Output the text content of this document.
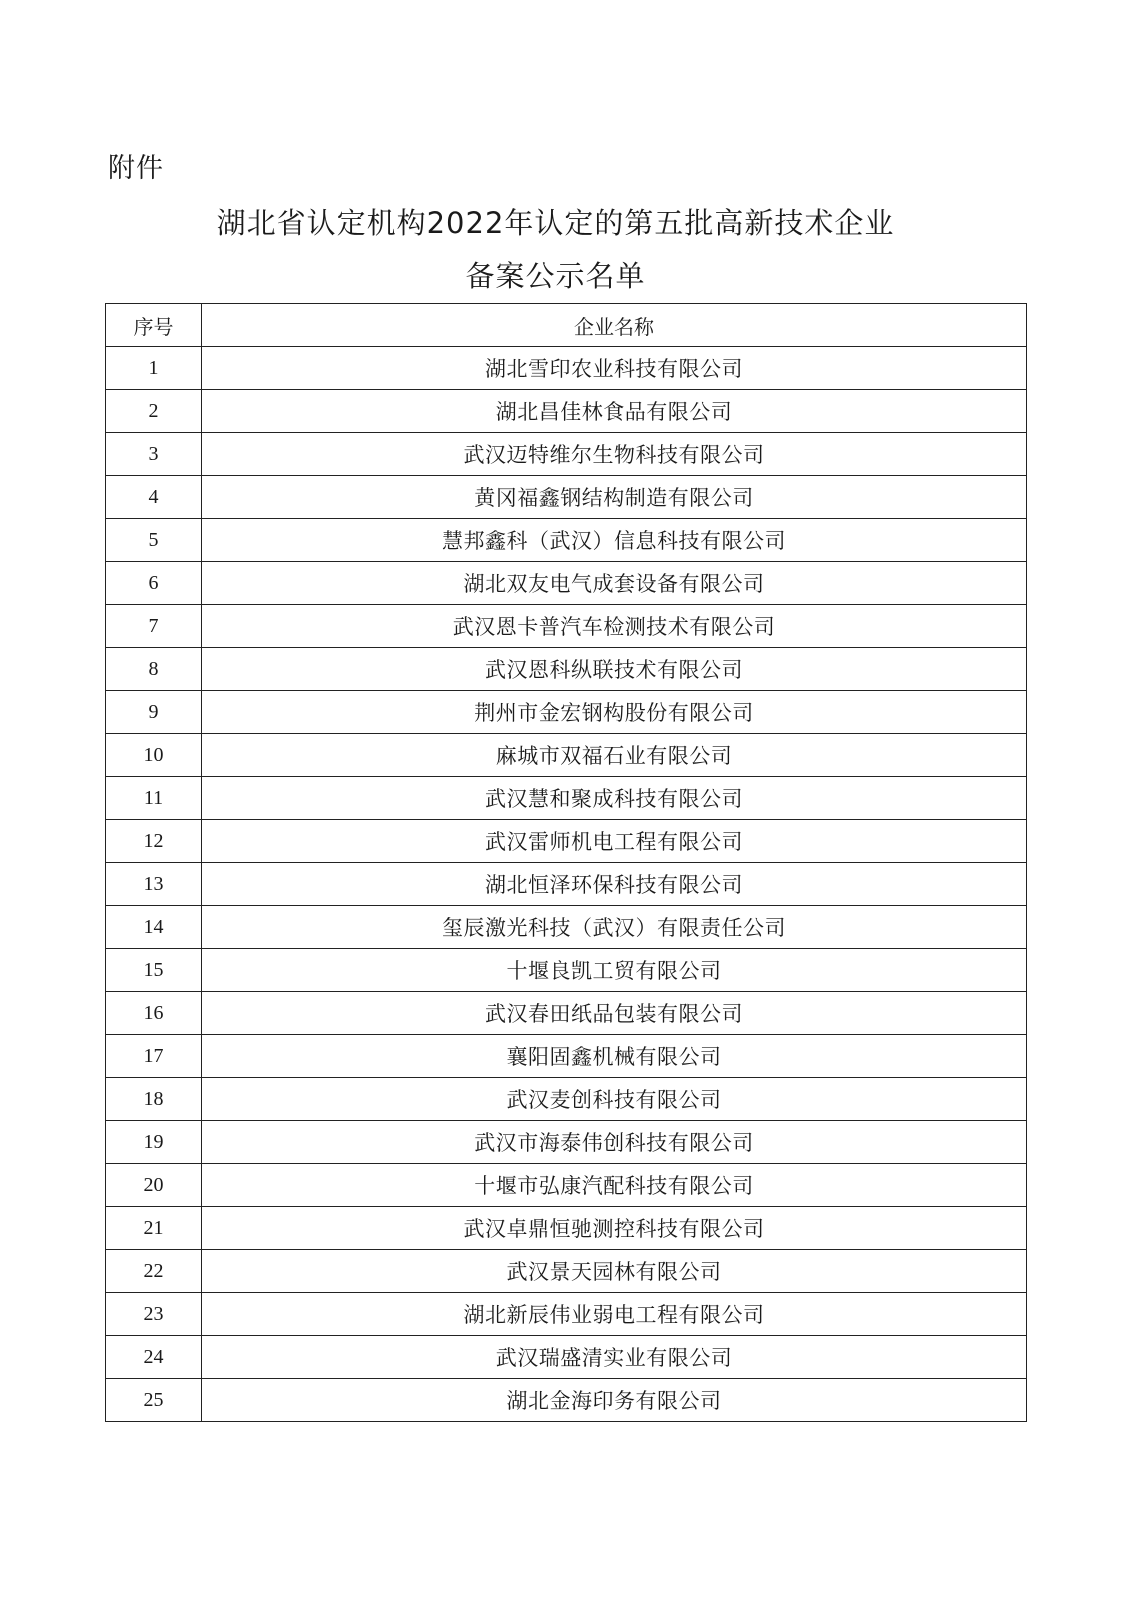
附件
湖北省认定机构2022年认定的第五批高新技术企业
备案公示名单
序号	企业名称
1	湖北雪印农业科技有限公司
2	湖北昌佳林食品有限公司
3	武汉迈特维尔生物科技有限公司
4	黄冈福鑫钢结构制造有限公司
5	慧邦鑫科（武汉）信息科技有限公司
6	湖北双友电气成套设备有限公司
7	武汉恩卡普汽车检测技术有限公司
8	武汉恩科纵联技术有限公司
9	荆州市金宏钢构股份有限公司
10	麻城市双福石业有限公司
11	武汉慧和聚成科技有限公司
12	武汉雷师机电工程有限公司
13	湖北恒泽环保科技有限公司
14	玺辰激光科技（武汉）有限责任公司
15	十堰良凯工贸有限公司
16	武汉春田纸品包装有限公司
17	襄阳固鑫机械有限公司
18	武汉麦创科技有限公司
19	武汉市海泰伟创科技有限公司
20	十堰市弘康汽配科技有限公司
21	武汉卓鼎恒驰测控科技有限公司
22	武汉景天园林有限公司
23	湖北新辰伟业弱电工程有限公司
24	武汉瑞盛清实业有限公司
25	湖北金海印务有限公司
